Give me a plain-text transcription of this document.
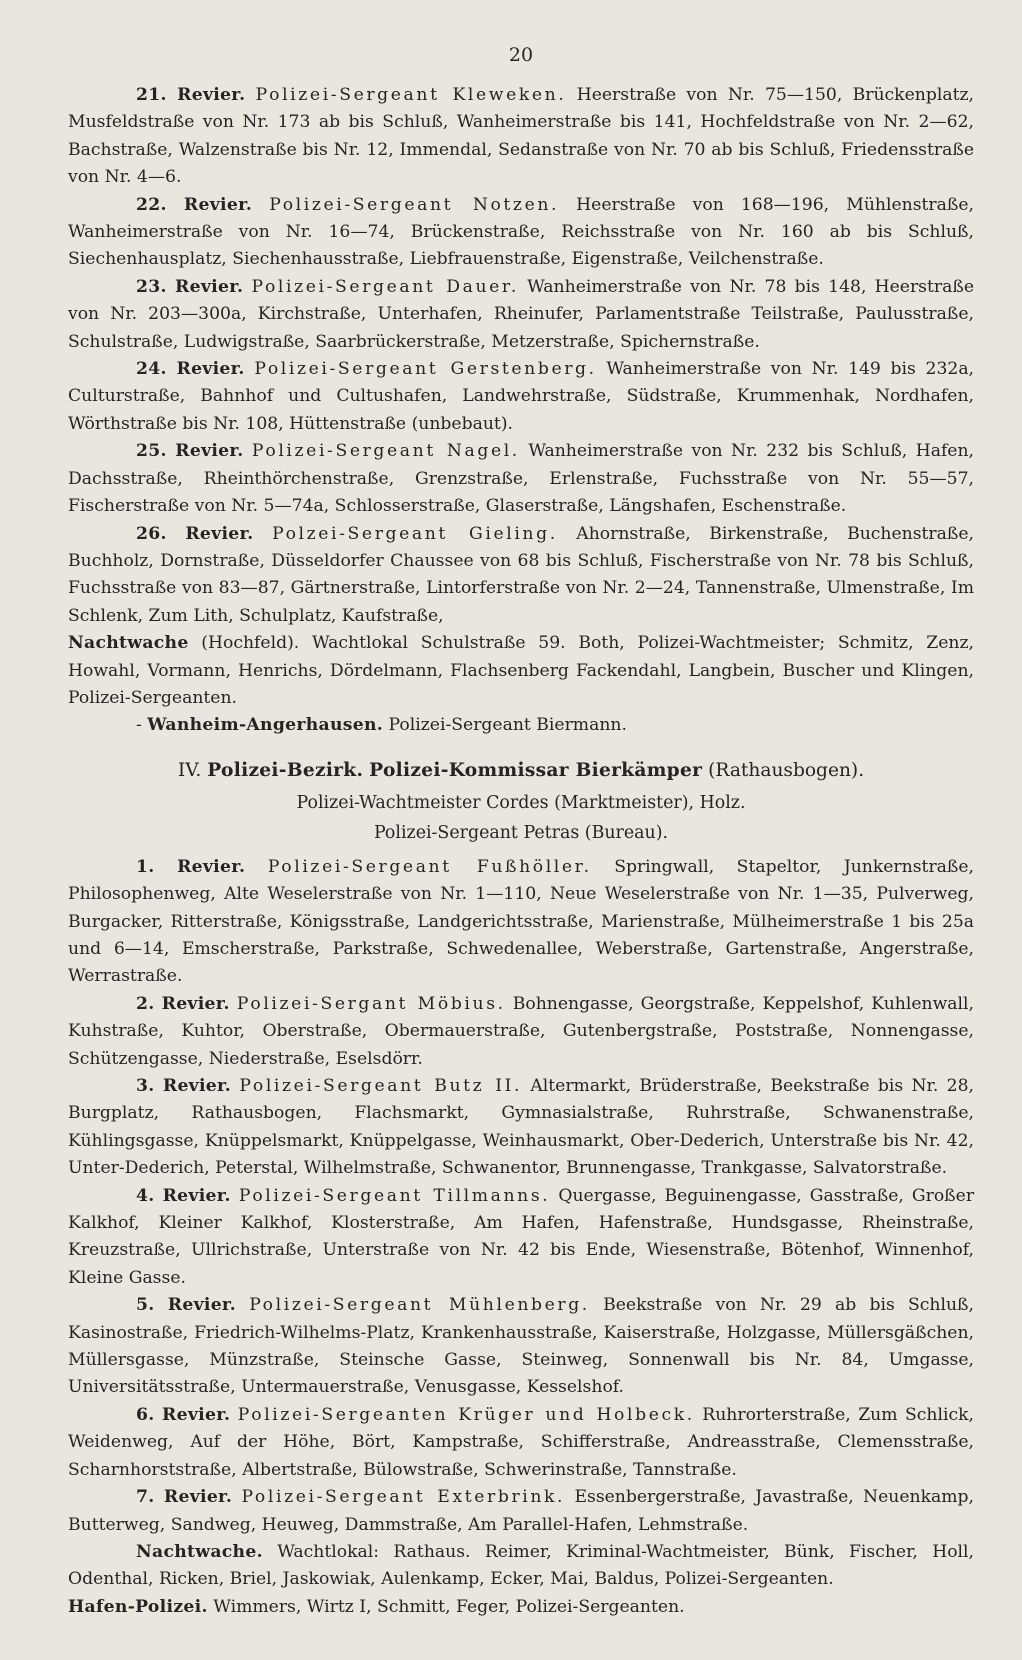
20

21. Revier. Polizei-Sergeant Kleweken. Heerstraße von Nr. 75—150, Brückenplatz, Musfeldstraße von Nr. 173 ab bis Schluß, Wanheimerstraße bis 141, Hochfeldstraße von Nr. 2—62, Bachstraße, Walzenstraße bis Nr. 12, Immendal, Sedanstraße von Nr. 70 ab bis Schluß, Friedensstraße von Nr. 4—6.

22. Revier. Polizei-Sergeant Notzen. Heerstraße von 168—196, Mühlenstraße, Wanheimerstraße von Nr. 16—74, Brückenstraße, Reichsstraße von Nr. 160 ab bis Schluß, Siechenhausplatz, Siechenhausstraße, Liebfrauenstraße, Eigenstraße, Veilchenstraße.

23. Revier. Polizei-Sergeant Dauer. Wanheimerstraße von Nr. 78 bis 148, Heerstraße von Nr. 203—300a, Kirchstraße, Unterhafen, Rheinufer, Parlamentstraße Teilstraße, Paulusstraße, Schulstraße, Ludwigstraße, Saarbrückerstraße, Metzerstraße, Spichernstraße.

24. Revier. Polizei-Sergeant Gerstenberg. Wanheimerstraße von Nr. 149 bis 232a, Culturstraße, Bahnhof und Cultushafen, Landwehrstraße, Südstraße, Krummenhak, Nordhafen, Wörthstraße bis Nr. 108, Hüttenstraße (unbebaut).

25. Revier. Polizei-Sergeant Nagel. Wanheimerstraße von Nr. 232 bis Schluß, Hafen, Dachsstraße, Rheinthörchenstraße, Grenzstraße, Erlenstraße, Fuchsstraße von Nr. 55—57, Fischerstraße von Nr. 5—74a, Schlosserstraße, Glaserstraße, Längshafen, Eschenstraße.

26. Revier. Polzei-Sergeant Gieling. Ahornstraße, Birkenstraße, Buchenstraße, Buchholz, Dornstraße, Düsseldorfer Chaussee von 68 bis Schluß, Fischerstraße von Nr. 78 bis Schluß, Fuchsstraße von 83—87, Gärtnerstraße, Lintorferstraße von Nr. 2—24, Tannenstraße, Ulmenstraße, Im Schlenk, Zum Lith, Schulplatz, Kaufstraße,

Nachtwache (Hochfeld). Wachtlokal Schulstraße 59. Both, Polizei-Wachtmeister; Schmitz, Zenz, Howahl, Vormann, Henrichs, Dördelmann, Flachsenberg Fackendahl, Langbein, Buscher und Klingen, Polizei-Sergeanten.

- Wanheim-Angerhausen. Polizei-Sergeant Biermann.

IV. Polizei-Bezirk. Polizei-Kommissar Bierkämper (Rathausbogen).

Polizei-Wachtmeister Cordes (Marktmeister), Holz.

Polizei-Sergeant Petras (Bureau).

1. Revier. Polizei-Sergeant Fußhöller. Springwall, Stapeltor, Junkernstraße, Philosophenweg, Alte Weselerstraße von Nr. 1—110, Neue Weselerstraße von Nr. 1—35, Pulverweg, Burgacker, Ritterstraße, Königsstraße, Landgerichtsstraße, Marienstraße, Mülheimerstraße 1 bis 25a und 6—14, Emscherstraße, Parkstraße, Schwedenallee, Weberstraße, Gartenstraße, Angerstraße, Werrastraße.

2. Revier. Polizei-Sergant Möbius. Bohnengasse, Georgstraße, Keppelshof, Kuhlenwall, Kuhstraße, Kuhtor, Oberstraße, Obermauerstraße, Gutenbergstraße, Poststraße, Nonnengasse, Schützengasse, Niederstraße, Eselsdörr.

3. Revier. Polizei-Sergeant Butz II. Altermarkt, Brüderstraße, Beekstraße bis Nr. 28, Burgplatz, Rathausbogen, Flachsmarkt, Gymnasialstraße, Ruhrstraße, Schwanenstraße, Kühlingsgasse, Knüppelsmarkt, Knüppelgasse, Weinhausmarkt, Ober-Dederich, Unterstraße bis Nr. 42, Unter-Dederich, Peterstal, Wilhelmstraße, Schwanentor, Brunnengasse, Trankgasse, Salvatorstraße.

4. Revier. Polizei-Sergeant Tillmanns. Quergasse, Beguinengasse, Gasstraße, Großer Kalkhof, Kleiner Kalkhof, Klosterstraße, Am Hafen, Hafenstraße, Hundsgasse, Rheinstraße, Kreuzstraße, Ullrichstraße, Unterstraße von Nr. 42 bis Ende, Wiesenstraße, Bötenhof, Winnenhof, Kleine Gasse.

5. Revier. Polizei-Sergeant Mühlenberg. Beekstraße von Nr. 29 ab bis Schluß, Kasinostraße, Friedrich-Wilhelms-Platz, Krankenhausstraße, Kaiserstraße, Holzgasse, Müllersgäßchen, Müllersgasse, Münzstraße, Steinsche Gasse, Steinweg, Sonnenwall bis Nr. 84, Umgasse, Universitätsstraße, Untermauerstraße, Venusgasse, Kesselshof.

6. Revier. Polizei-Sergeanten Krüger und Holbeck. Ruhrorterstraße, Zum Schlick, Weidenweg, Auf der Höhe, Bört, Kampstraße, Schifferstraße, Andreasstraße, Clemensstraße, Scharnhorststraße, Albertstraße, Bülowstraße, Schwerinstraße, Tannstraße.

7. Revier. Polizei-Sergeant Exterbrink. Essenbergerstraße, Javastraße, Neuenkamp, Butterweg, Sandweg, Heuweg, Dammstraße, Am Parallel-Hafen, Lehmstraße.

Nachtwache. Wachtlokal: Rathaus. Reimer, Kriminal-Wachtmeister, Bünk, Fischer, Holl, Odenthal, Ricken, Briel, Jaskowiak, Aulenkamp, Ecker, Mai, Baldus, Polizei-Sergeanten.

Hafen-Polizei. Wimmers, Wirtz I, Schmitt, Feger, Polizei-Sergeanten.
